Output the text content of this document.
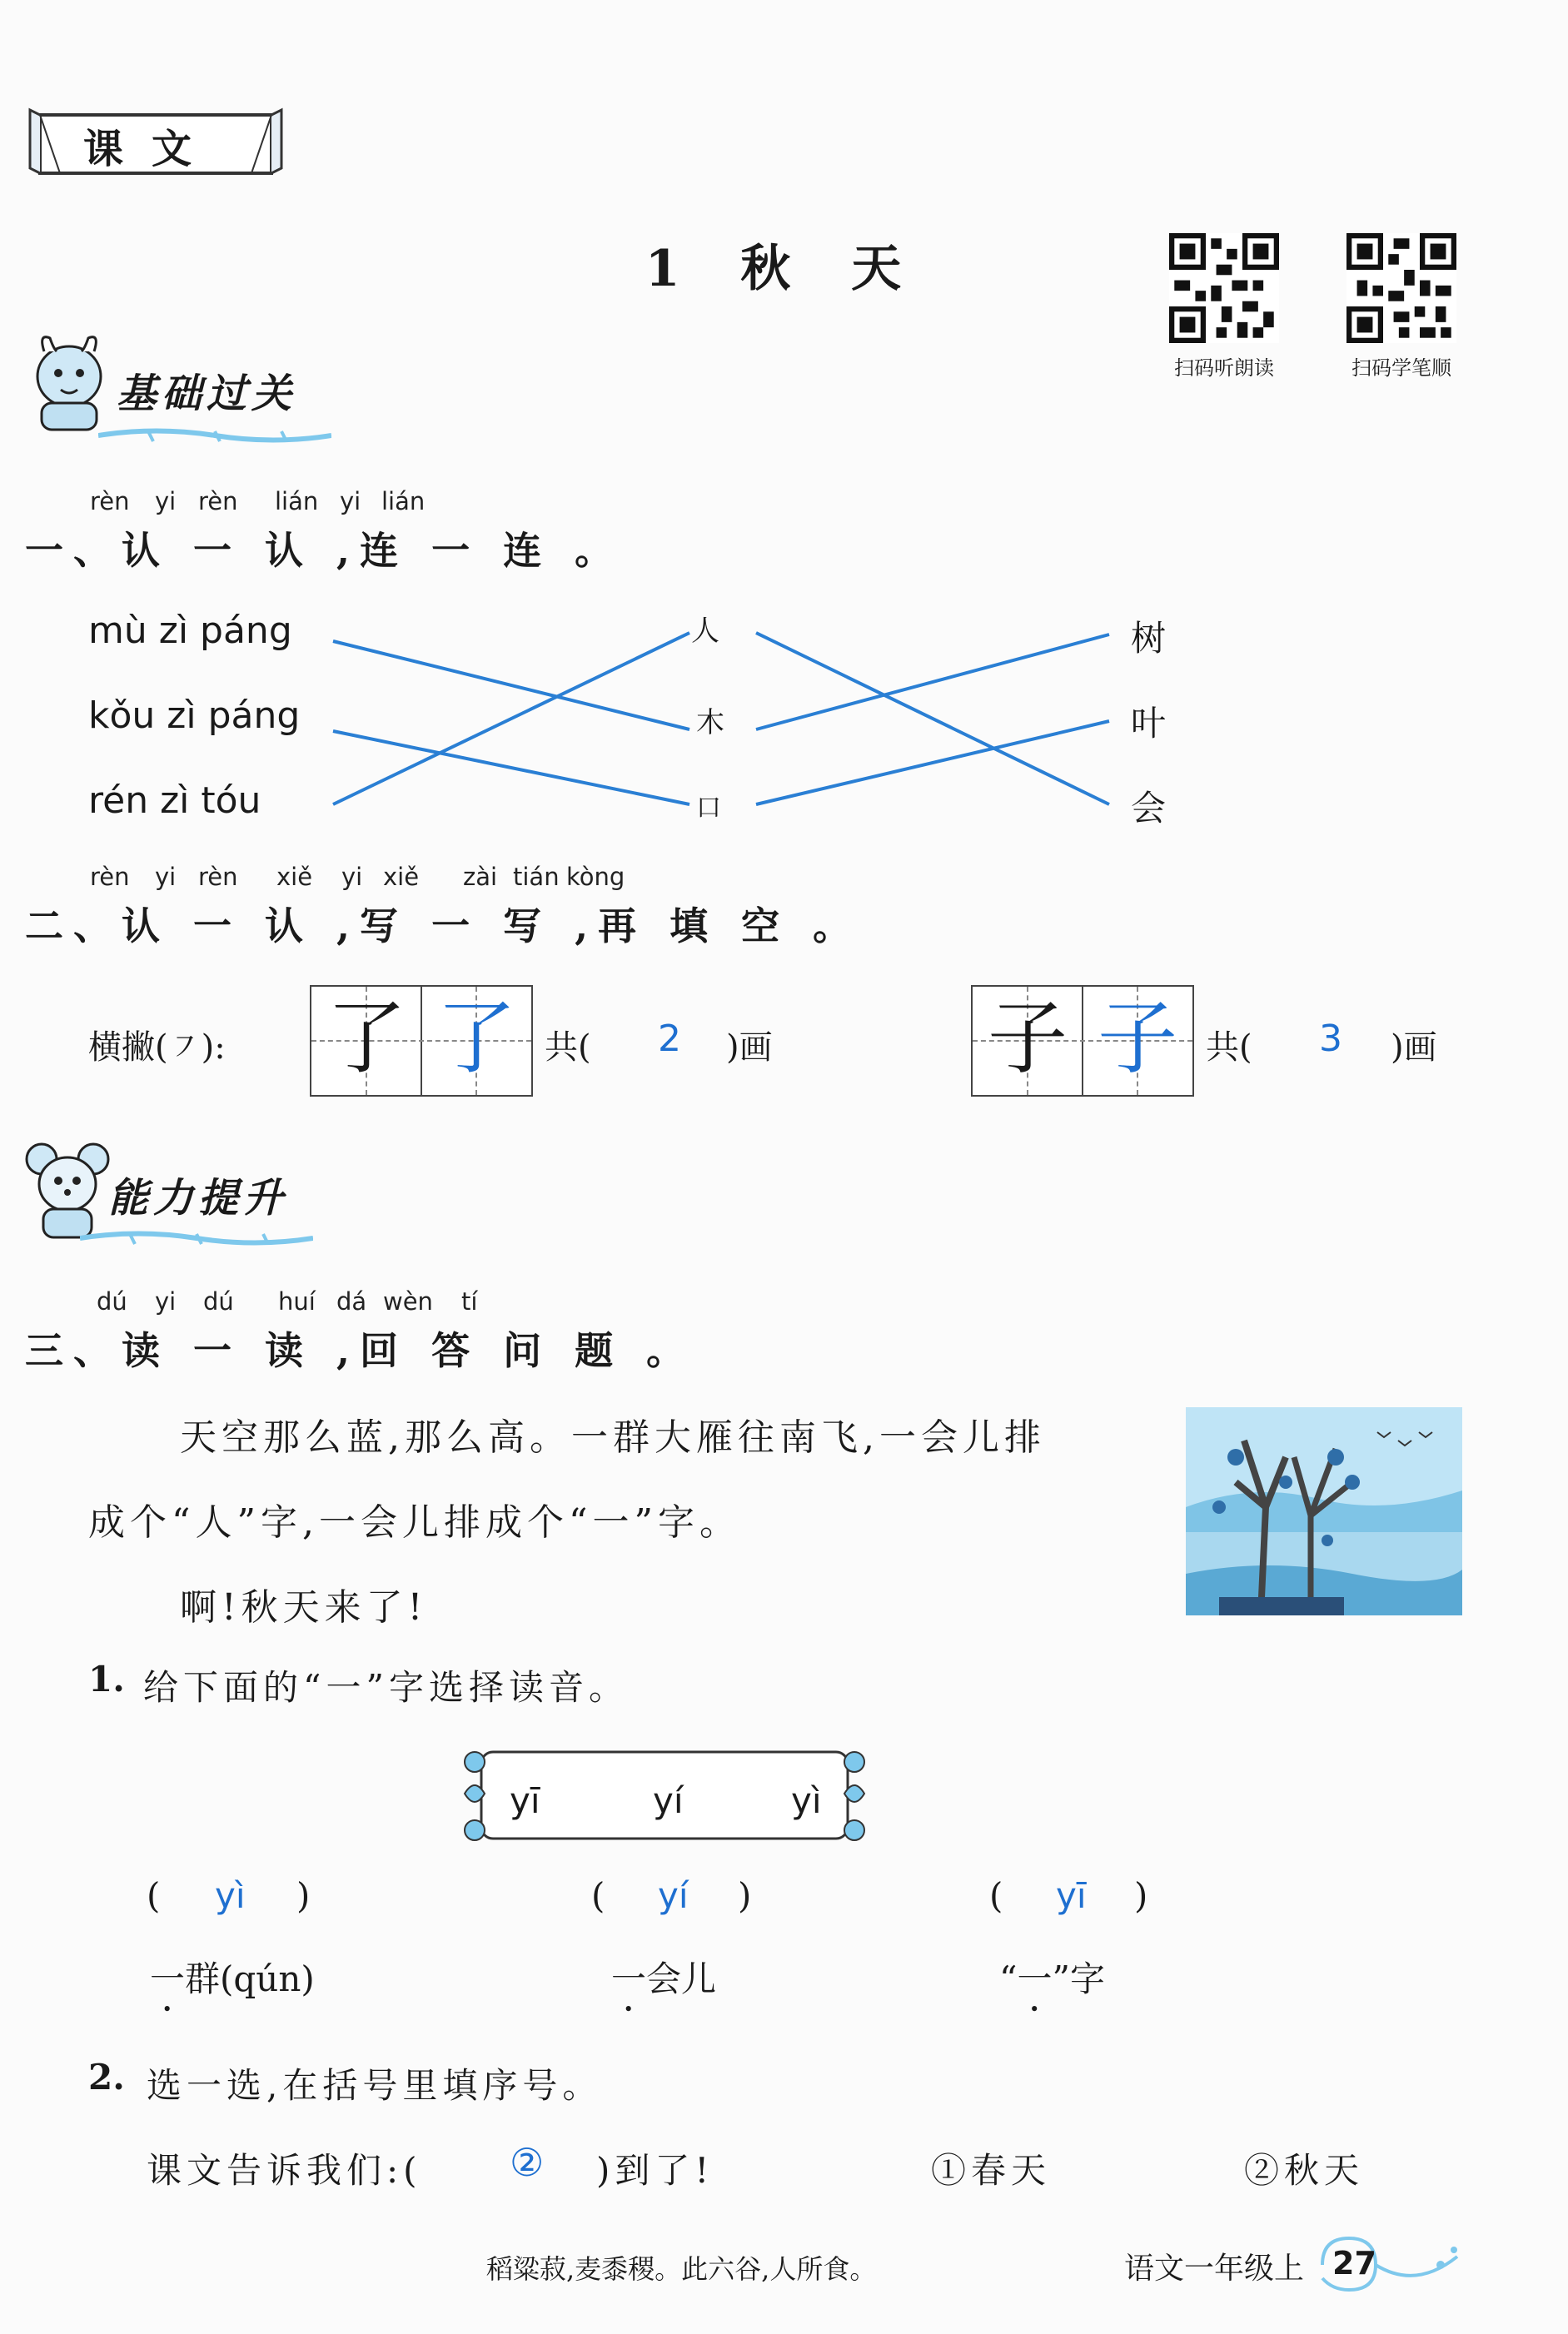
课文
1 秋 天
扫码听朗读	扫码学笔顺
基础过关
rèn yi rèn lián yi lián
一、认 一 认 ,连 一 连 。
mù zì páng
kǒu zì páng
rén zì tóu
人
木
口
树
叶
会
rèn yi rèn xiě yi xiě zài tián kòng
二、认 一 认 ,写 一 写 ,再 填 空 。
横撇(㇇): 了 了 共( 2 )画	子 子 共( 3 )画
能力提升
dú yi dú huí dá wèn tí
三、读 一 读 ,回 答 问 题 。
天空那么蓝,那么高。一群大雁往南飞,一会儿排
成个“人”字,一会儿排成个“一”字。
啊!秋天来了!
1. 给下面的“一”字选择读音。
yī	yí	yì
( yì )	( yí )	( yī )
一群(qún)	一会儿	“一”字
2. 选一选,在括号里填序号。
课文告诉我们:( ② )到了!	①春天	②秋天
稻粱菽,麦黍稷。此六谷,人所食。	语文一年级上 27
